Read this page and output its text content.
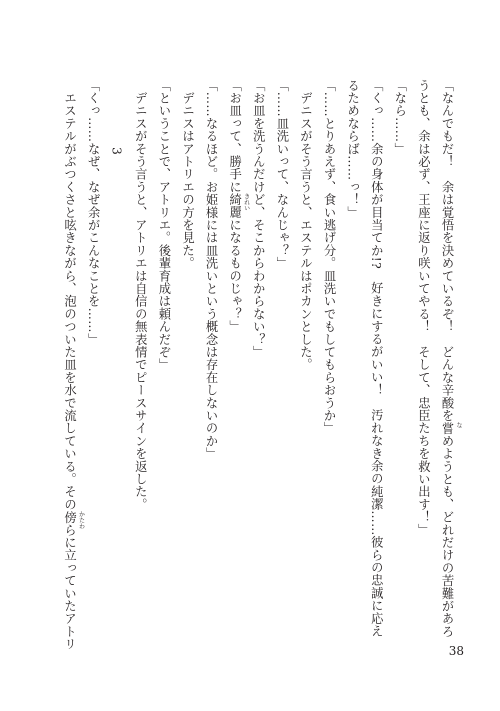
「なんでもだ！　余は覚悟を決めているぞ！　どんな辛酸を嘗 な
めようとも、どれだけの苦難があろ

うとも、余は必ず、王座に返り咲いてやる！　そして、忠臣たちを救い出す！」

「なら……」

「くっ……余の身体が目当てか!?　好きにするがいい！　汚れなき余の純潔……彼らの忠誠に応え

るためならば……っ！」

「……とりあえず、食い逃げ分。皿洗いでもしてもらおうか」

　デニスがそう言うと、エステルはポカンとした。

「……皿洗いって、なんじゃ？」

「お皿を洗うんだけど、そこからわからない？」

「お皿って、勝手に綺麗 きれい
になるものじゃ？」

「……なるほど。お姫様には皿洗いという概念は存在しないのか」

　デニスはアトリエの方を見た。

「ということで、アトリエ。後輩育成は頼んだぞ」

　デニスがそう言うと、アトリエは自信の無表情でピースサインを返した。

3

「くっ……なぜ、なぜ余がこんなことを……」

　エステルがぶつくさと呟きながら、泡のついた皿を水で流している。その傍 かたわ
らに立っていたアトリ

38
